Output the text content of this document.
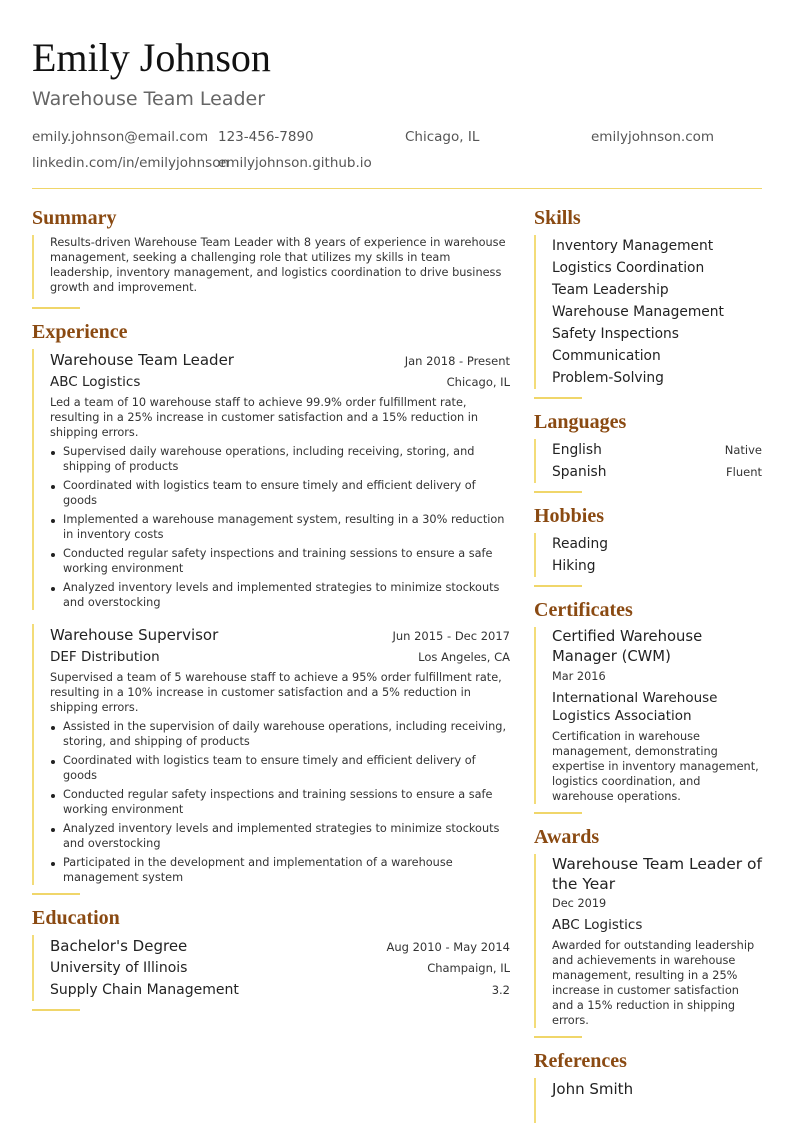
Emily Johnson
Warehouse Team Leader
emily.johnson@email.com 123-456-7890	Chicago, IL	emilyjohnson.com
linkedin.com/in/emilyjohnson
emilyjohnson.github.io
Summary
Results-driven Warehouse Team Leader with 8 years of experience in warehouse management, seeking a challenging role that utilizes my skills in team leadership, inventory management, and logistics coordination to drive business growth and improvement.
Experience
Warehouse Team Leader	Jan 2018 - Present
ABC Logistics	Chicago, IL
Led a team of 10 warehouse staff to achieve 99.9% order fulfillment rate, resulting in a 25% increase in customer satisfaction and a 15% reduction in shipping errors.
Supervised daily warehouse operations, including receiving, storing, and shipping of products
Coordinated with logistics team to ensure timely and efficient delivery of goods
Implemented a warehouse management system, resulting in a 30% reduction in inventory costs
Conducted regular safety inspections and training sessions to ensure a safe working environment
Analyzed inventory levels and implemented strategies to minimize stockouts and overstocking
Warehouse Supervisor	Jun 2015 - Dec 2017
DEF Distribution	Los Angeles, CA
Supervised a team of 5 warehouse staff to achieve a 95% order fulfillment rate, resulting in a 10% increase in customer satisfaction and a 5% reduction in shipping errors.
Assisted in the supervision of daily warehouse operations, including receiving, storing, and shipping of products
Coordinated with logistics team to ensure timely and efficient delivery of goods
Conducted regular safety inspections and training sessions to ensure a safe working environment
Analyzed inventory levels and implemented strategies to minimize stockouts and overstocking
Participated in the development and implementation of a warehouse management system
Education
Bachelor's Degree	Aug 2010 - May 2014
University of Illinois	Champaign, IL
Supply Chain Management	3.2
Skills
Inventory Management
Logistics Coordination
Team Leadership
Warehouse Management
Safety Inspections
Communication
Problem-Solving
Languages
English	Native
Spanish	Fluent
Hobbies
Reading
Hiking
Certificates
Certified Warehouse Manager (CWM)
Mar 2016
International Warehouse Logistics Association
Certification in warehouse management, demonstrating expertise in inventory management, logistics coordination, and warehouse operations.
Awards
Warehouse Team Leader of the Year
Dec 2019
ABC Logistics
Awarded for outstanding leadership and achievements in warehouse management, resulting in a 25% increase in customer satisfaction and a 15% reduction in shipping errors.
References
John Smith
